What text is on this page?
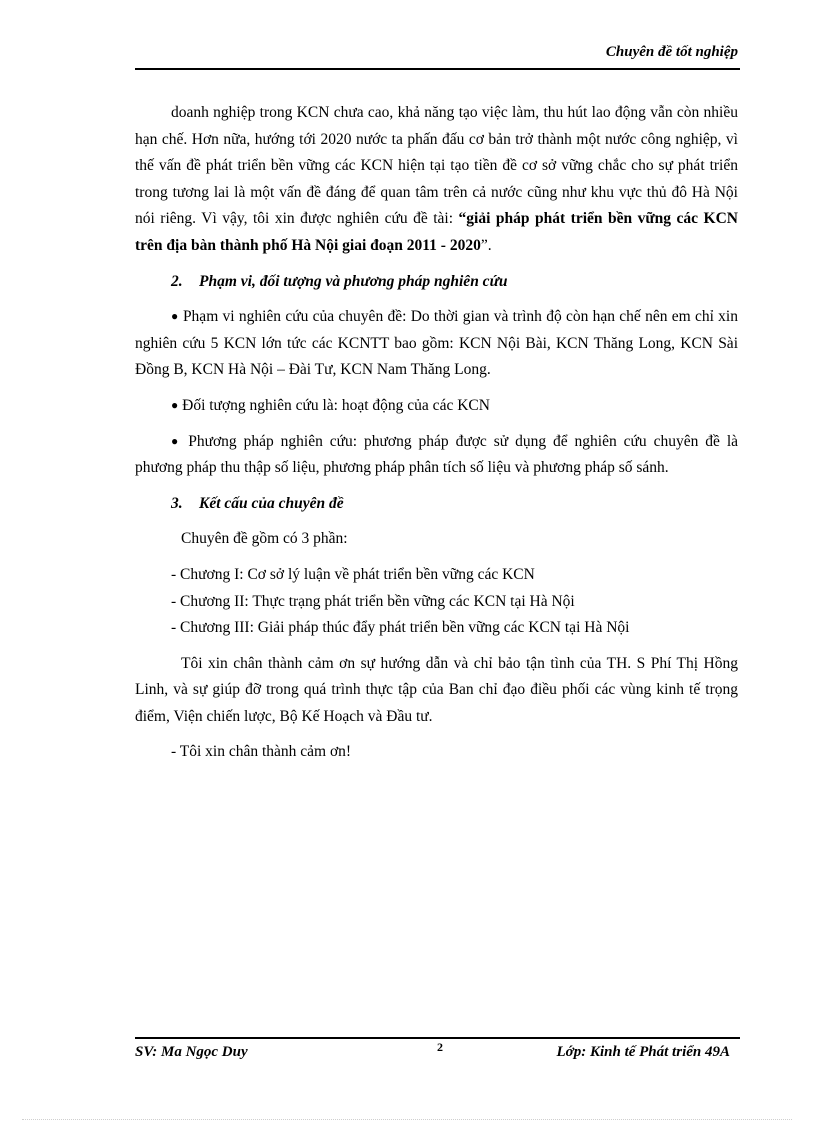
Chuyên đề tốt nghiệp

doanh nghiệp trong KCN chưa cao, khả năng tạo việc làm, thu hút lao động vẫn còn nhiều hạn chế. Hơn nữa, hướng tới 2020 nước ta phấn đấu cơ bản trở thành một nước công nghiệp, vì thế vấn đề phát triển bền vững các KCN hiện tại tạo tiền đề cơ sở vững chắc cho sự phát triển trong tương lai là một vấn đề đáng để quan tâm trên cả nước cũng như khu vực thủ đô Hà Nội nói riêng. Vì vậy, tôi xin được nghiên cứu đề tài: “giải pháp phát triển bền vững các KCN trên địa bàn thành phố Hà Nội giai đoạn 2011 - 2020”.

2. Phạm vi, đối tượng và phương pháp nghiên cứu

● Phạm vi nghiên cứu của chuyên đề: Do thời gian và trình độ còn hạn chế nên em chỉ xin nghiên cứu 5 KCN lớn tức các KCNTT bao gồm: KCN Nội Bài, KCN Thăng Long, KCN Sài Đồng B, KCN Hà Nội – Đài Tư, KCN Nam Thăng Long.

● Đối tượng nghiên cứu là: hoạt động của các KCN

● Phương pháp nghiên cứu: phương pháp được sử dụng để nghiên cứu chuyên đề là phương pháp thu thập số liệu, phương pháp phân tích số liệu và phương pháp số sánh.

3. Kết cấu của chuyên đề

Chuyên đề gồm có 3 phần:

- Chương I: Cơ sở lý luận về phát triển bền vững các KCN

- Chương II: Thực trạng phát triển bền vững các KCN tại Hà Nội

- Chương III: Giải pháp thúc đẩy phát triển bền vững các KCN tại Hà Nội

Tôi xin chân thành cảm ơn sự hướng dẫn và chỉ bảo tận tình của TH. S Phí Thị Hồng Linh, và sự giúp đỡ trong quá trình thực tập của Ban chỉ đạo điều phối các vùng kinh tế trọng điểm, Viện chiến lược, Bộ Kế Hoạch và Đầu tư.

- Tôi xin chân thành cảm ơn!

SV: Ma Ngọc Duy	2	Lớp: Kinh tế Phát triển 49A
